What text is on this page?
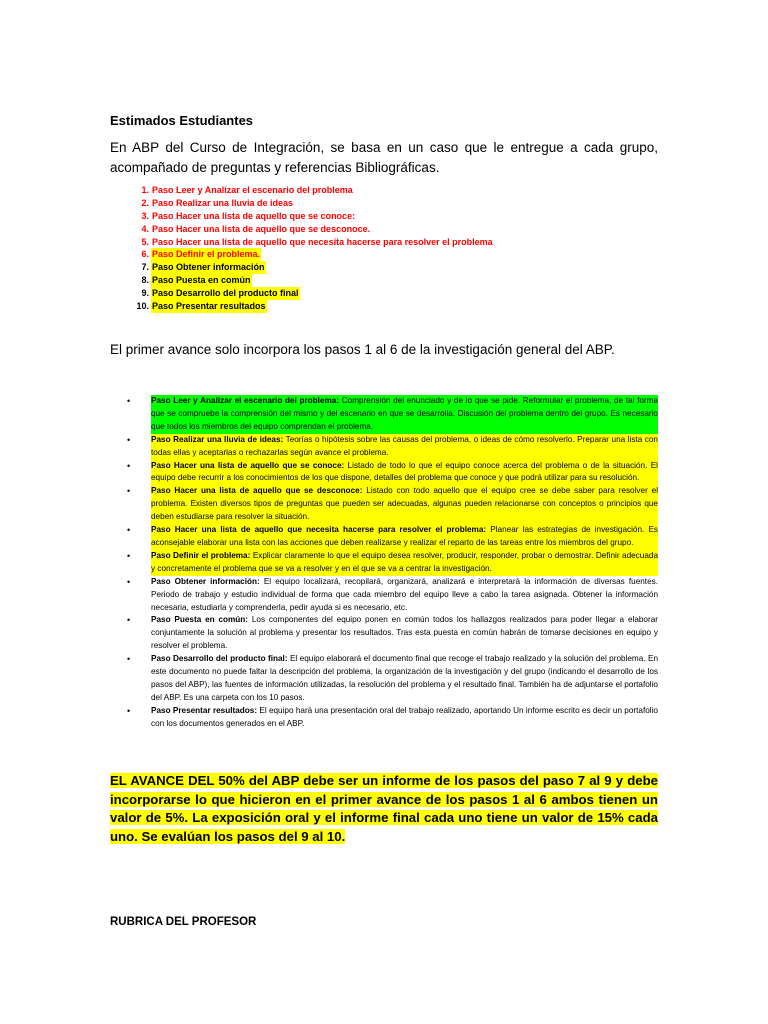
Estimados Estudiantes
En ABP del Curso de Integración, se basa en un caso que le entregue a cada grupo, acompañado de preguntas y referencias Bibliográficas.
1. Paso Leer y Analizar el escenario del problema
2. Paso Realizar una lluvia de ideas
3. Paso Hacer una lista de aquello que se conoce:
4. Paso Hacer una lista de aquello que se desconoce.
5. Paso Hacer una lista de aquello que necesita hacerse para resolver el problema
6. Paso Definir el problema.
7. Paso Obtener información
8. Paso Puesta en común
9. Paso Desarrollo del producto final
10. Paso Presentar resultados
El primer avance solo incorpora los pasos 1 al 6 de la investigación general del ABP.
•	Paso Leer y Analizar el escenario del problema: Comprensión del enunciado y de lo que se pide. Reformular el problema, de tal forma que se compruebe la comprensión del mismo y del escenario en que se desarrolla. Discusión del problema dentro del grupo. Es necesario que todos los miembros del equipo comprendan el problema.
•	Paso Realizar una lluvia de ideas: Teorías o hipótesis sobre las causas del problema, o ideas de cómo resolverlo. Preparar una lista con todas ellas y aceptarlas o rechazarlas según avance el problema.
•	Paso Hacer una lista de aquello que se conoce: Listado de todo lo que el equipo conoce acerca del problema o de la situación. El equipo debe recurrir a los conocimientos de los que dispone, detalles del problema que conoce y que podrá utilizar para su resolución.
•	Paso Hacer una lista de aquello que se desconoce: Listado con todo aquello que el equipo cree se debe saber para resolver el problema. Existen diversos tipos de preguntas que pueden ser adecuadas, algunas pueden relacionarse con conceptos o principios que deben estudiarse para resolver la situación.
•	Paso Hacer una lista de aquello que necesita hacerse para resolver el problema: Planear las estrategias de investigación. Es aconsejable elaborar una lista con las acciones que deben realizarse y realizar el reparto de las tareas entre los miembros del grupo.
•	Paso Definir el problema: Explicar claramente lo que el equipo desea resolver, producir, responder, probar o demostrar. Definir adecuada y concretamente el problema que se va a resolver y en el que se va a centrar la investigación.
•	Paso Obtener información: El equipo localizará, recopilará, organizará, analizará e interpretará la información de diversas fuentes. Periodo de trabajo y estudio individual de forma que cada miembro del equipo lleve a cabo la tarea asignada. Obtener la información necesaria, estudiarla y comprenderla, pedir ayuda si es necesario, etc.
•	Paso Puesta en común: Los componentes del equipo ponen en común todos los hallazgos realizados para poder llegar a elaborar conjuntamente la solución al problema y presentar los resultados. Tras esta puesta en común habrán de tomarse decisiones en equipo y resolver el problema.
•	Paso Desarrollo del producto final: El equipo elaborará el documento final que recoge el trabajo realizado y la solución del problema. En este documento no puede faltar la descripción del problema, la organización de la investigación y del grupo (indicando el desarrollo de los pasos del ABP), las fuentes de información utilizadas, la resolución del problema y el resultado final. También ha de adjuntarse el portafolio del ABP. Es una carpeta con los 10 pasos.
•	Paso Presentar resultados: El equipo hará una presentación oral del trabajo realizado, aportando Un informe escrito es decir un portafolio con los documentos generados en el ABP.
EL AVANCE DEL 50% del ABP debe ser un informe de los pasos del paso 7 al 9 y debe incorporarse lo que hicieron en el primer avance de los pasos 1 al 6 ambos tienen un valor de 5%. La exposición oral y el informe final cada uno tiene un valor de 15% cada uno. Se evalúan los pasos del 9 al 10.
RUBRICA DEL PROFESOR
